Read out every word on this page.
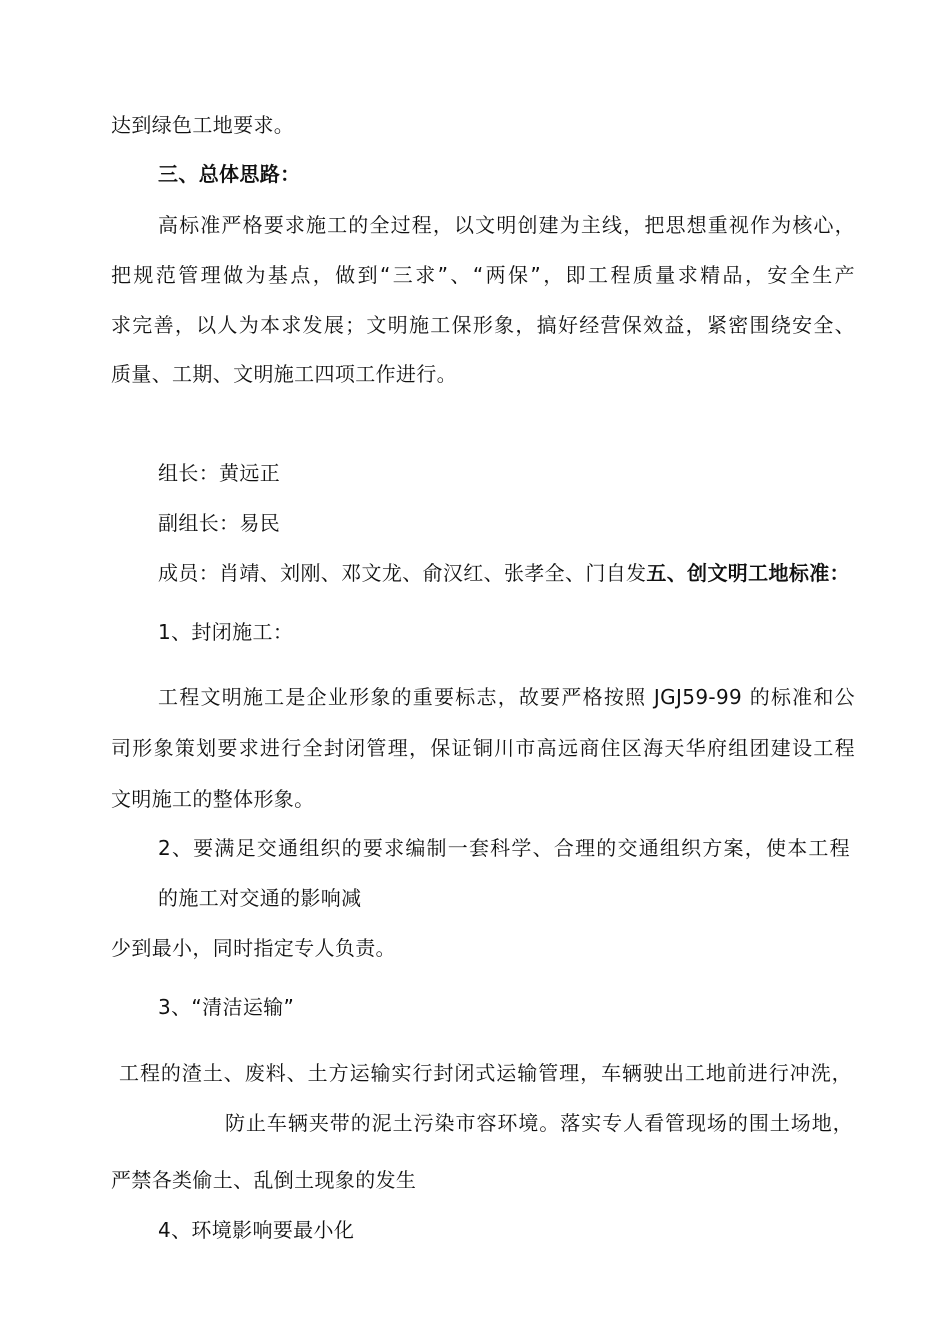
达到绿色工地要求。
三、总体思路：
高标准严格要求施工的全过程，以文明创建为主线，把思想重视作为核心，
把规范管理做为基点，做到“三求”、“两保”，即工程质量求精品，安全生产
求完善，以人为本求发展；文明施工保形象，搞好经营保效益，紧密围绕安全、
质量、工期、文明施工四项工作进行。
组长：黄远正
副组长：易民
成员：肖靖、刘刚、邓文龙、俞汉红、张孝全、门自发五、创文明工地标准：
1、封闭施工：
工程文明施工是企业形象的重要标志，故要严格按照 JGJ59-99 的标准和公
司形象策划要求进行全封闭管理，保证铜川市高远商住区海天华府组团建设工程
文明施工的整体形象。
2、要满足交通组织的要求编制一套科学、合理的交通组织方案，使本工程
的施工对交通的影响减
少到最小，同时指定专人负责。
3、“清洁运输”
工程的渣土、废料、土方运输实行封闭式运输管理，车辆驶出工地前进行冲洗，
防止车辆夹带的泥土污染市容环境。落实专人看管现场的围土场地，
严禁各类偷土、乱倒土现象的发生
4、环境影响要最小化
